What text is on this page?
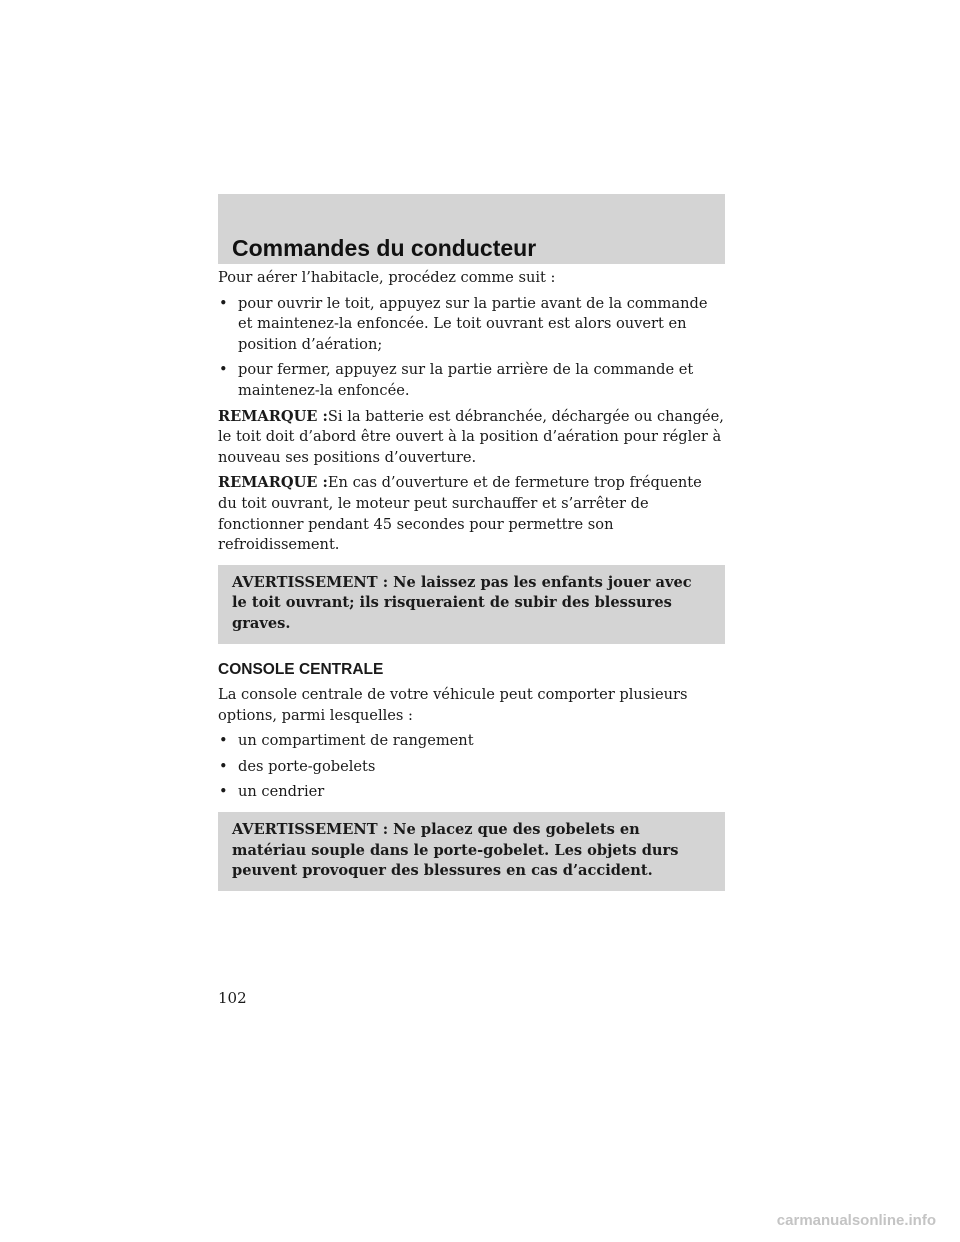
Commandes du conducteur

Pour aérer l’habitacle, procédez comme suit :

• pour ouvrir le toit, appuyez sur la partie avant de la commande et maintenez-la enfoncée. Le toit ouvrant est alors ouvert en position d’aération;
• pour fermer, appuyez sur la partie arrière de la commande et maintenez-la enfoncée.

REMARQUE :Si la batterie est débranchée, déchargée ou changée, le toit doit d’abord être ouvert à la position d’aération pour régler à nouveau ses positions d’ouverture.

REMARQUE :En cas d’ouverture et de fermeture trop fréquente du toit ouvrant, le moteur peut surchauffer et s’arrêter de fonctionner pendant 45 secondes pour permettre son refroidissement.

AVERTISSEMENT : Ne laissez pas les enfants jouer avec le toit ouvrant; ils risqueraient de subir des blessures graves.
CONSOLE CENTRALE

La console centrale de votre véhicule peut comporter plusieurs options, parmi lesquelles :

• un compartiment de rangement
• des porte-gobelets
• un cendrier
AVERTISSEMENT : Ne placez que des gobelets en matériau souple dans le porte-gobelet. Les objets durs peuvent provoquer des blessures en cas d’accident.
102
carmanualsonline.info
